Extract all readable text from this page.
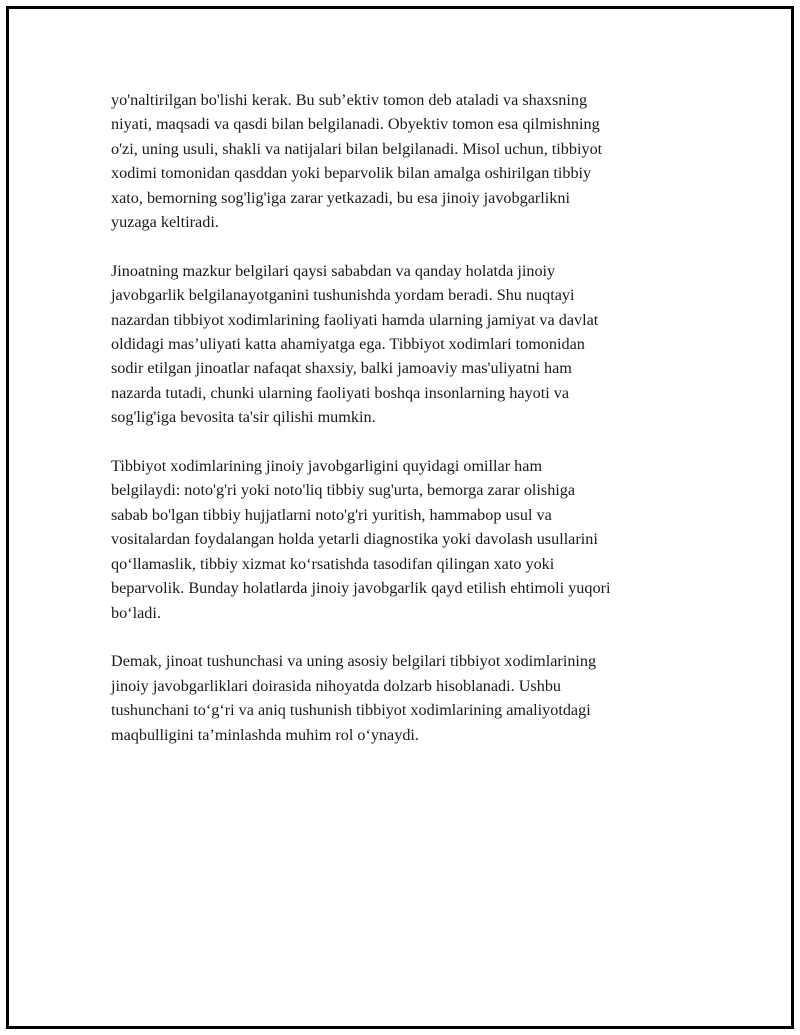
yo'naltirilgan bo'lishi kerak. Bu sub’ektiv tomon deb ataladi va shaxsning
niyati, maqsadi va qasdi bilan belgilanadi. Obyektiv tomon esa qilmishning
o'zi, uning usuli, shakli va natijalari bilan belgilanadi. Misol uchun, tibbiyot
xodimi tomonidan qasddan yoki beparvolik bilan amalga oshirilgan tibbiy
xato, bemorning sog'lig'iga zarar yetkazadi, bu esa jinoiy javobgarlikni
yuzaga keltiradi.

Jinoatning mazkur belgilari qaysi sababdan va qanday holatda jinoiy
javobgarlik belgilanayotganini tushunishda yordam beradi. Shu nuqtayi
nazardan tibbiyot xodimlarining faoliyati hamda ularning jamiyat va davlat
oldidagi mas’uliyati katta ahamiyatga ega. Tibbiyot xodimlari tomonidan
sodir etilgan jinoatlar nafaqat shaxsiy, balki jamoaviy mas'uliyatni ham
nazarda tutadi, chunki ularning faoliyati boshqa insonlarning hayoti va
sog'lig'iga bevosita ta'sir qilishi mumkin.

Tibbiyot xodimlarining jinoiy javobgarligini quyidagi omillar ham
belgilaydi: noto'g'ri yoki noto'liq tibbiy sug'urta, bemorga zarar olishiga
sabab bo'lgan tibbiy hujjatlarni noto'g'ri yuritish, hammabop usul va
vositalardan foydalangan holda yetarli diagnostika yoki davolash usullarini
qo‘llamaslik, tibbiy xizmat ko‘rsatishda tasodifan qilingan xato yoki
beparvolik. Bunday holatlarda jinoiy javobgarlik qayd etilish ehtimoli yuqori
bo‘ladi.

Demak, jinoat tushunchasi va uning asosiy belgilari tibbiyot xodimlarining
jinoiy javobgarliklari doirasida nihoyatda dolzarb hisoblanadi. Ushbu
tushunchani to‘g‘ri va aniq tushunish tibbiyot xodimlarining amaliyotdagi
maqbulligini ta’minlashda muhim rol o‘ynaydi.
